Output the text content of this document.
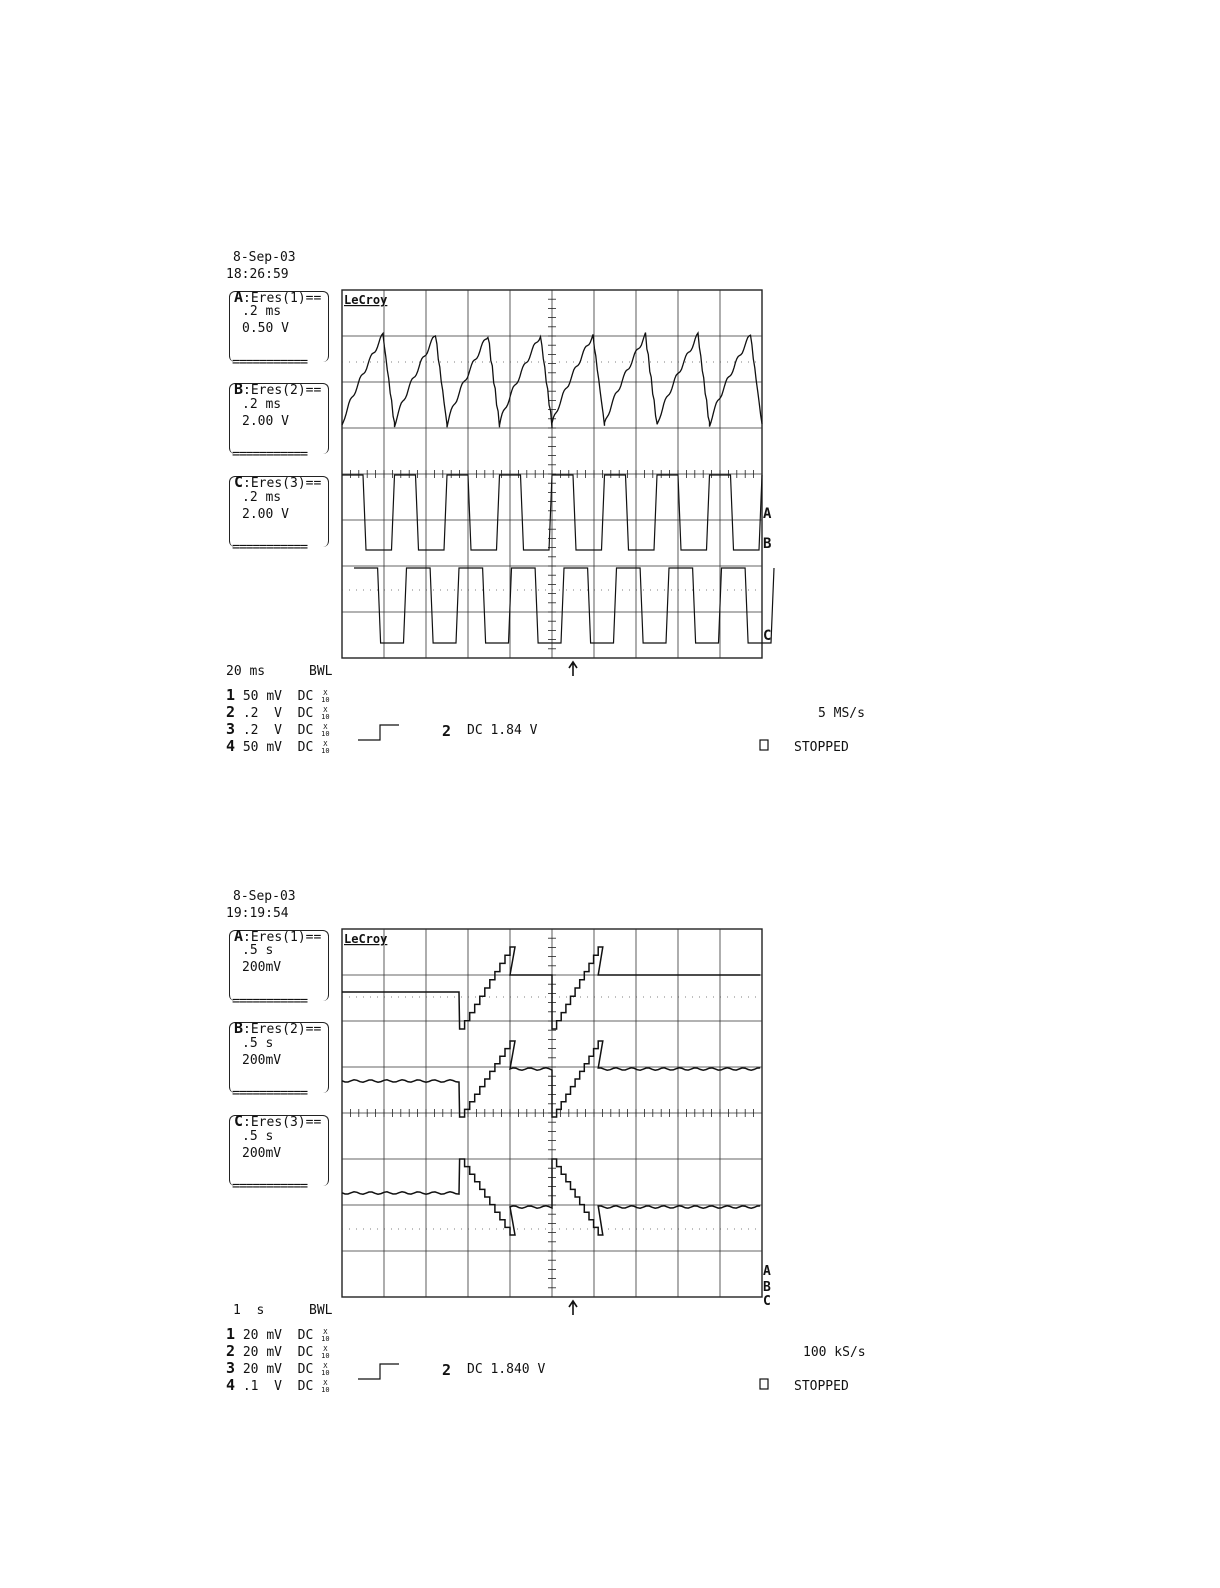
8-Sep-03
18:26:59
A:Eres(1)==
.2 ms
0.50 V
===========
B:Eres(2)==
.2 ms
2.00 V
===========
C:Eres(3)==
.2 ms
2.00 V
===========
20 ms	BWL
1 50 mV DC X
10
2 .2  V DC X
10
3 .2  V DC X
10
4 50 mV DC X
10
2 DC 1.84 V
5 MS/s
STOPPED
8-Sep-03
19:19:54
A:Eres(1)==
.5 s
200mV
===========
B:Eres(2)==
.5 s
200mV
===========
C:Eres(3)==
.5 s
200mV
===========
1  s	BWL
1 20 mV DC X
10
2 20 mV DC X
10
3 20 mV DC X
10
4 .1  V DC X
10
2 DC 1.840 V
100 kS/s
STOPPED
LeCroy
LeCroy
A
B
C
A
B
C
